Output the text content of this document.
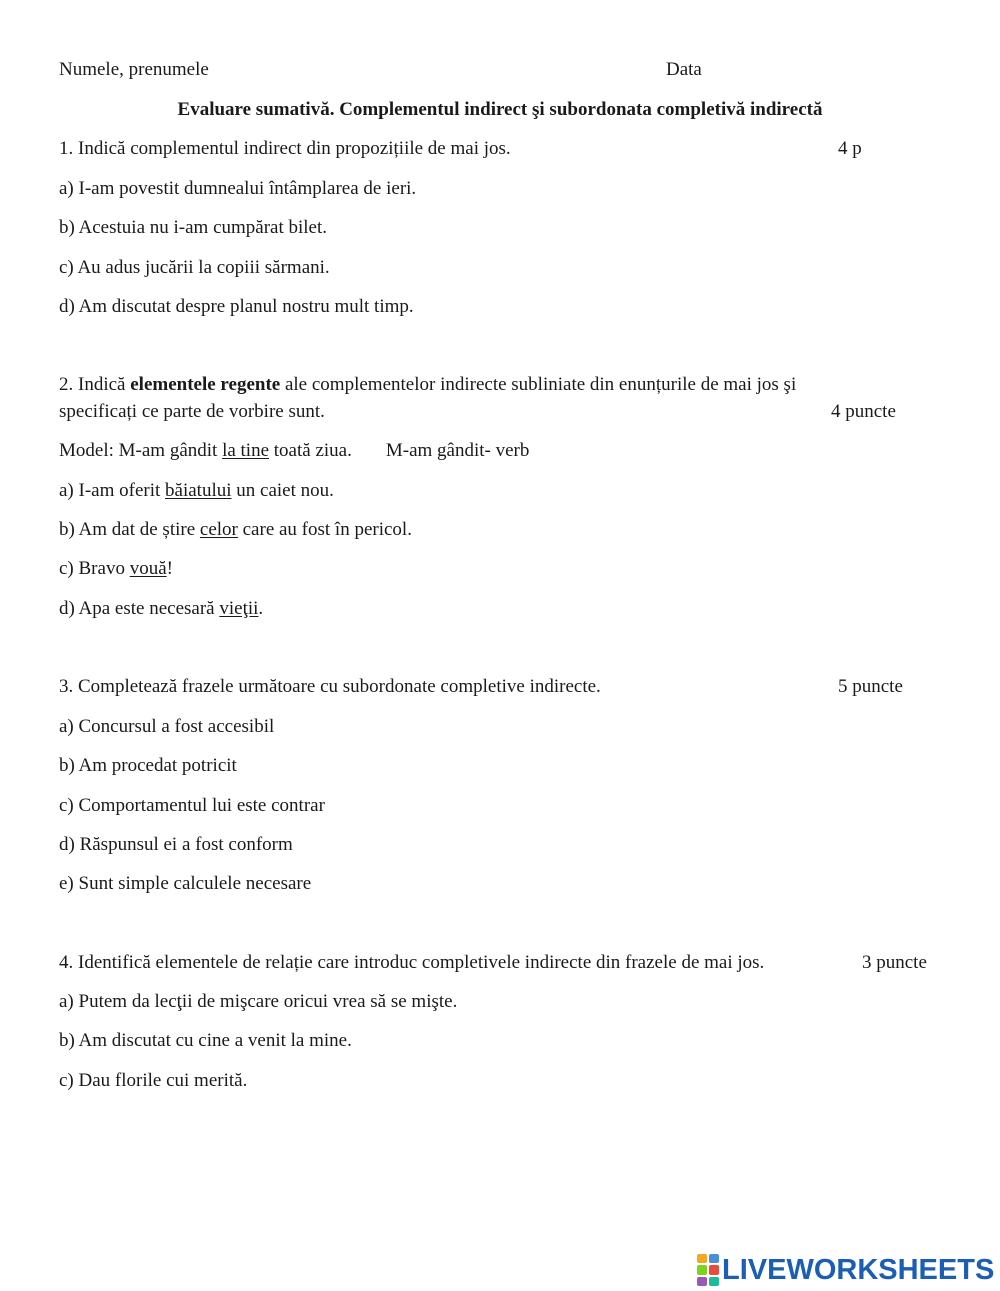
Numele, prenumele	Data
Evaluare sumativă. Complementul indirect şi subordonata completivă indirectă
1. Indică complementul indirect din propozițiile de mai jos.	4 p
a) I-am povestit dumnealui întâmplarea de ieri.
b) Acestuia nu i-am cumpărat bilet.
c) Au adus jucării la copiii sărmani.
d) Am discutat despre planul nostru mult timp.
2. Indică elementele regente ale complementelor indirecte subliniate din enunțurile de mai jos şi
specificați ce parte de vorbire sunt.	4 puncte
Model: M-am gândit la tine toată ziua. M-am gândit- verb
a) I-am oferit băiatului un caiet nou.
b) Am dat de știre celor care au fost în pericol.
c) Bravo vouă!
d) Apa este necesară vieţii.
3. Completează frazele următoare cu subordonate completive indirecte.	5 puncte
a) Concursul a fost accesibil
b) Am procedat potricit
c) Comportamentul lui este contrar
d) Răspunsul ei a fost conform
e) Sunt simple calculele necesare
4. Identifică elementele de relație care introduc completivele indirecte din frazele de mai jos.	3 puncte
a) Putem da lecţii de mişcare oricui vrea să se mişte.
b) Am discutat cu cine a venit la mine.
c) Dau florile cui merită.
LIVEWORKSHEETS
